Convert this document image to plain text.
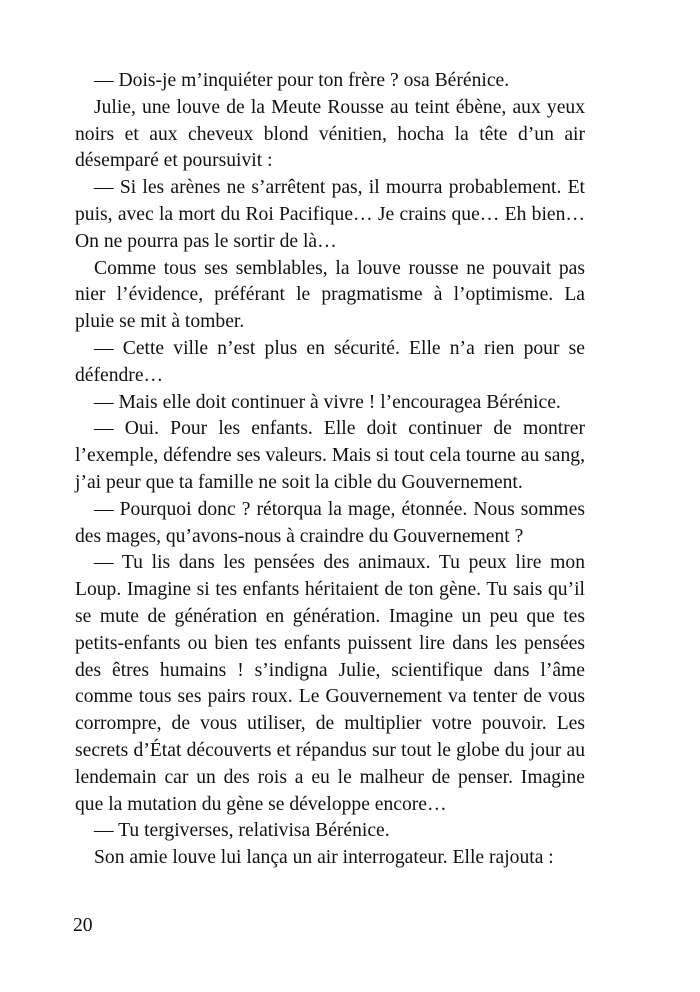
— Dois-je m’inquiéter pour ton frère ? osa Bérénice.

Julie, une louve de la Meute Rousse au teint ébène, aux yeux noirs et aux cheveux blond vénitien, hocha la tête d’un air désemparé et poursuivit :

— Si les arènes ne s’arrêtent pas, il mourra probablement. Et puis, avec la mort du Roi Pacifique… Je crains que… Eh bien… On ne pourra pas le sortir de là…

Comme tous ses semblables, la louve rousse ne pouvait pas nier l’évidence, préférant le pragmatisme à l’optimisme. La pluie se mit à tomber.

— Cette ville n’est plus en sécurité. Elle n’a rien pour se défendre…

— Mais elle doit continuer à vivre ! l’encouragea Bérénice.

— Oui. Pour les enfants. Elle doit continuer de montrer l’exemple, défendre ses valeurs. Mais si tout cela tourne au sang, j’ai peur que ta famille ne soit la cible du Gouvernement.

— Pourquoi donc ? rétorqua la mage, étonnée. Nous sommes des mages, qu’avons-nous à craindre du Gouvernement ?

— Tu lis dans les pensées des animaux. Tu peux lire mon Loup. Imagine si tes enfants héritaient de ton gène. Tu sais qu’il se mute de génération en génération. Imagine un peu que tes petits-enfants ou bien tes enfants puissent lire dans les pensées des êtres humains ! s’indigna Julie, scientifique dans l’âme comme tous ses pairs roux. Le Gouvernement va tenter de vous corrompre, de vous utiliser, de multiplier votre pouvoir. Les secrets d’État découverts et répandus sur tout le globe du jour au lendemain car un des rois a eu le malheur de penser. Imagine que la mutation du gène se développe encore…

— Tu tergiverses, relativisa Bérénice.

Son amie louve lui lança un air interrogateur. Elle rajouta :

20
